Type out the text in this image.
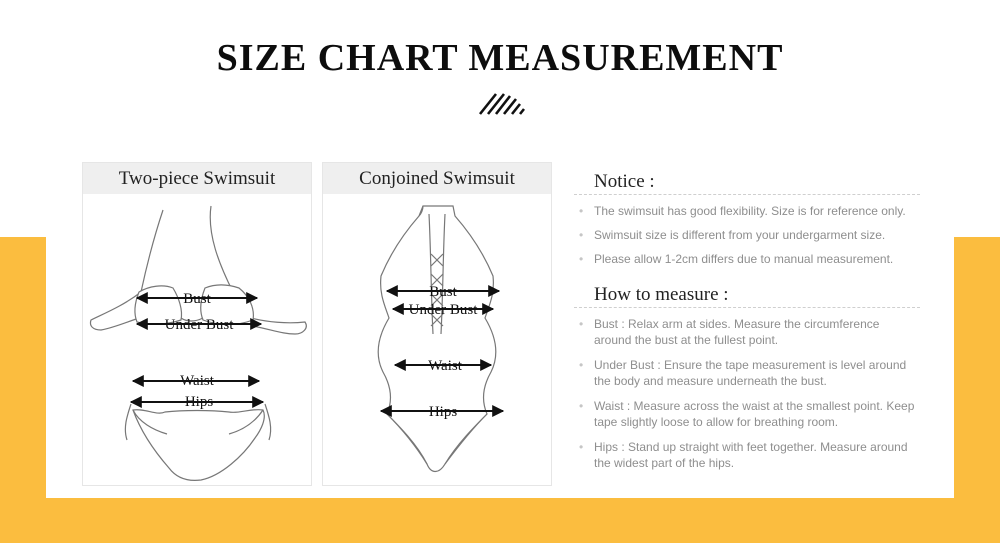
SIZE CHART MEASUREMENT
Two-piece Swimsuit
Bust
Under Bust
Waist
Hips
Conjoined Swimsuit
Bust
Under Bust
Waist
Hips
Notice :
• The swimsuit has good flexibility. Size is for reference only.
• Swimsuit size is different from your undergarment size.
• Please allow 1-2cm differs due to manual measurement.
How to measure :
• Bust : Relax arm at sides. Measure the circumference around the bust at the fullest point.
• Under Bust : Ensure the tape measurement is level around the body and measure underneath the bust.
• Waist : Measure across the waist at the smallest point. Keep tape slightly loose to allow for breathing room.
• Hips : Stand up straight with feet together. Measure around the widest part of the hips.
